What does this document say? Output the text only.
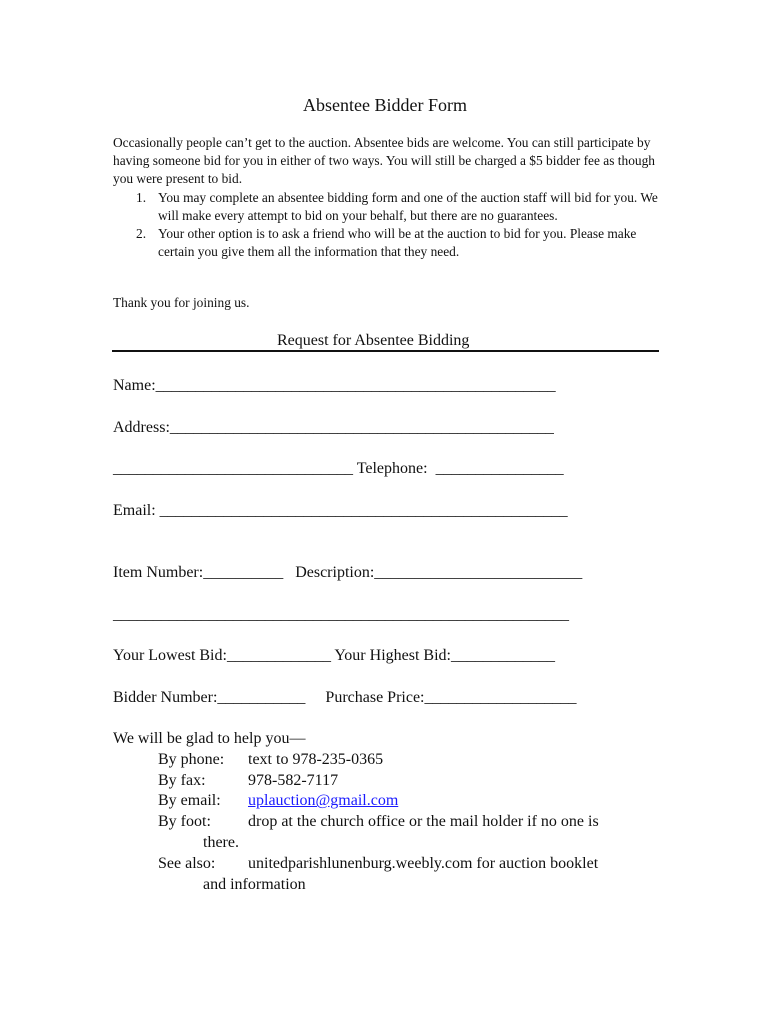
Absentee Bidder Form

Occasionally people can’t get to the auction. Absentee bids are welcome. You can still participate by having someone bid for you in either of two ways. You will still be charged a $5 bidder fee as though you were present to bid.

1. You may complete an absentee bidding form and one of the auction staff will bid for you. We will make every attempt to bid on your behalf, but there are no guarantees.
2. Your other option is to ask a friend who will be at the auction to bid for you. Please make certain you give them all the information that they need.
Thank you for joining us.
Request for Absentee Bidding
Name:__________________________________________________
Address:________________________________________________
______________________________ Telephone:  ________________
Email: ___________________________________________________
Item Number:__________   Description:__________________________
_________________________________________________________
Your Lowest Bid:_____________ Your Highest Bid:_____________
Bidder Number:___________     Purchase Price:___________________
We will be glad to help you—
By phone: text to 978-235-0365
By fax:	978-582-7117
By email: uplauction@gmail.com
By foot: drop at the church office or the mail holder if no one is
there.
See also: unitedparishlunenburg.weebly.com for auction booklet
and information
